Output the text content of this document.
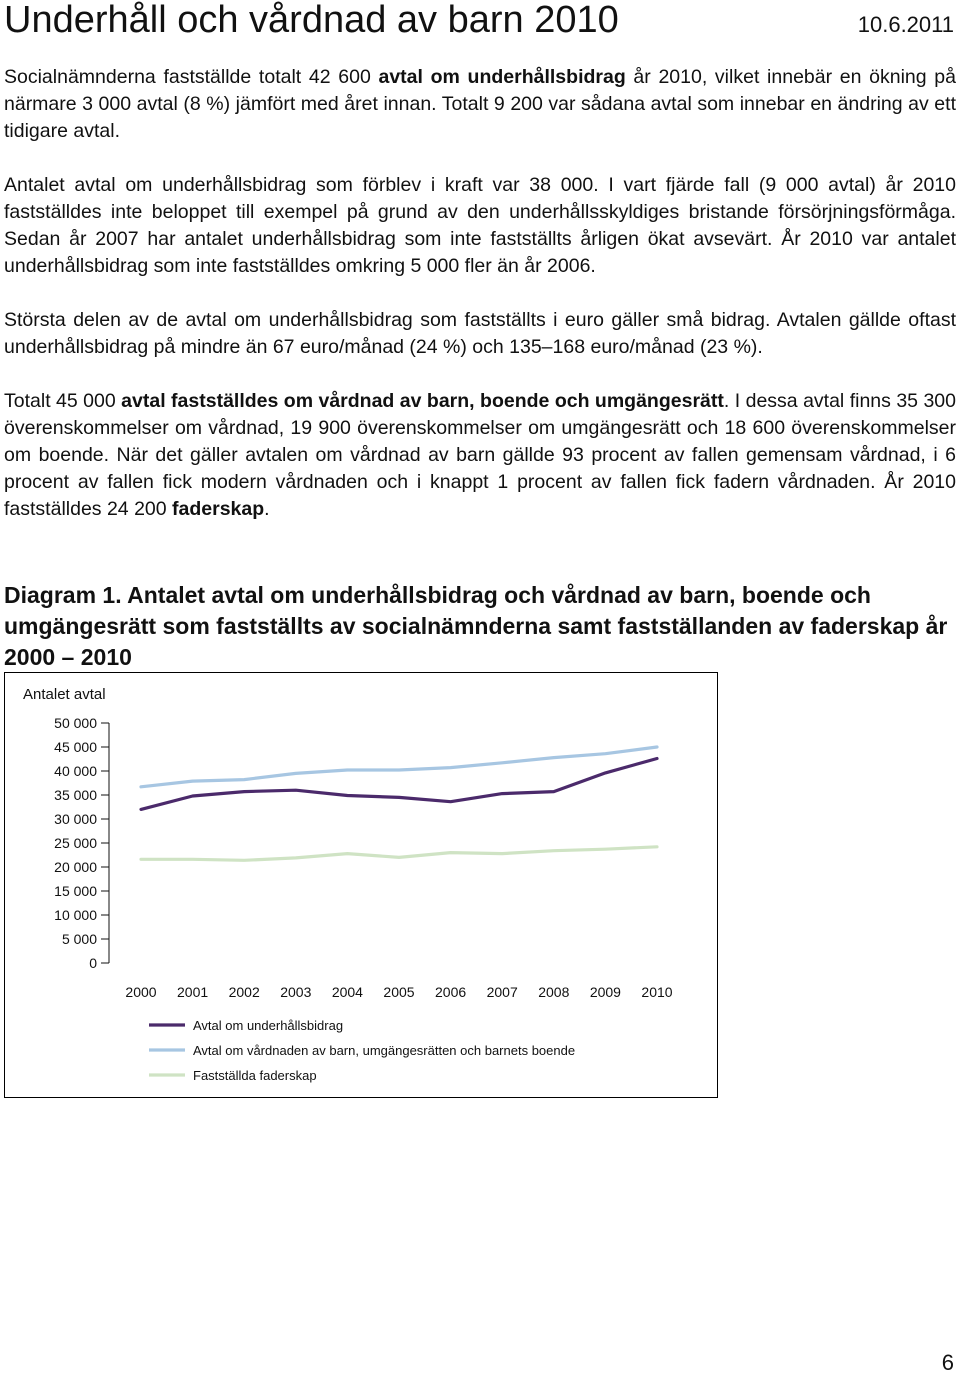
Underhåll och vårdnad av barn 2010	10.6.2011

Socialnämnderna fastställde totalt 42 600 avtal om underhållsbidrag år 2010, vilket innebär en ökning på närmare 3 000 avtal (8 %) jämfört med året innan. Totalt 9 200 var sådana avtal som innebar en ändring av ett tidigare avtal.

Antalet avtal om underhållsbidrag som förblev i kraft var 38 000. I vart fjärde fall (9 000 avtal) år 2010 fastställdes inte beloppet till exempel på grund av den underhållsskyldiges bristande försörjningsförmåga. Sedan år 2007 har antalet underhållsbidrag som inte fastställts årligen ökat avsevärt. År 2010 var antalet underhållsbidrag som inte fastställdes omkring 5 000 fler än år 2006.

Största delen av de avtal om underhållsbidrag som fastställts i euro gäller små bidrag. Avtalen gällde oftast underhållsbidrag på mindre än 67 euro/månad (24 %) och 135–168 euro/månad (23 %).

Totalt 45 000 avtal fastställdes om vårdnad av barn, boende och umgängesrätt. I dessa avtal finns 35 300 överenskommelser om vårdnad, 19 900 överenskommelser om umgängesrätt och 18 600 överenskommelser om boende. När det gäller avtalen om vårdnad av barn gällde 93 procent av fallen gemensam vårdnad, i 6 procent av fallen fick modern vårdnaden och i knappt 1 procent av fallen fick fadern vårdnaden. År 2010 fastställdes 24 200 faderskap.

Diagram 1. Antalet avtal om underhållsbidrag och vårdnad av barn, boende och umgängesrätt som fastställts av socialnämnderna samt fastställanden av faderskap år 2000 – 2010
Antalet avtal
0
5 000
10 000
15 000
20 000
25 000
30 000
35 000
40 000
45 000
50 000
2000 2001 2002 2003 2004 2005 2006 2007 2008 2009 2010
Avtal om underhållsbidrag
Avtal om vårdnaden av barn, umgängesrätten och barnets boende
Fastställda faderskap
6
